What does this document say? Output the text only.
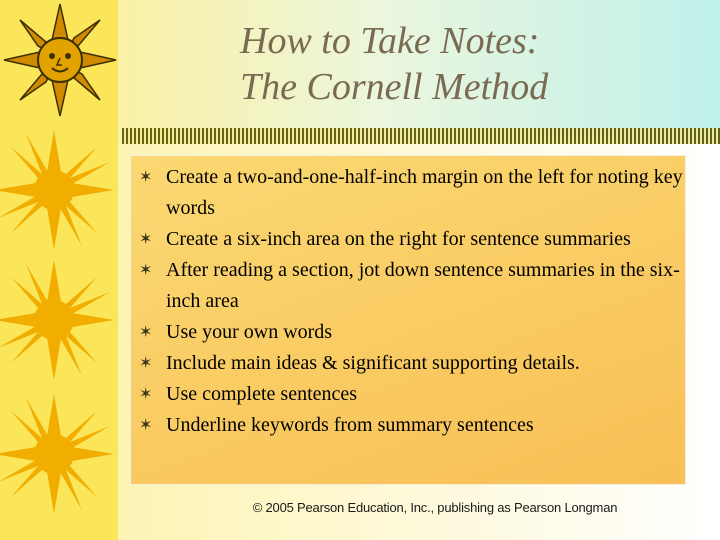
How to Take Notes:
The Cornell Method
✶ Create a two-and-one-half-inch margin on the left for noting key words
✶ Create a six-inch area on the right for sentence summaries
✶ After reading a section, jot down sentence summaries in the six-inch area
✶ Use your own words
✶ Include main ideas & significant supporting details.
✶ Use complete sentences
✶ Underline keywords from summary sentences
© 2005 Pearson Education, Inc., publishing as Pearson Longman
